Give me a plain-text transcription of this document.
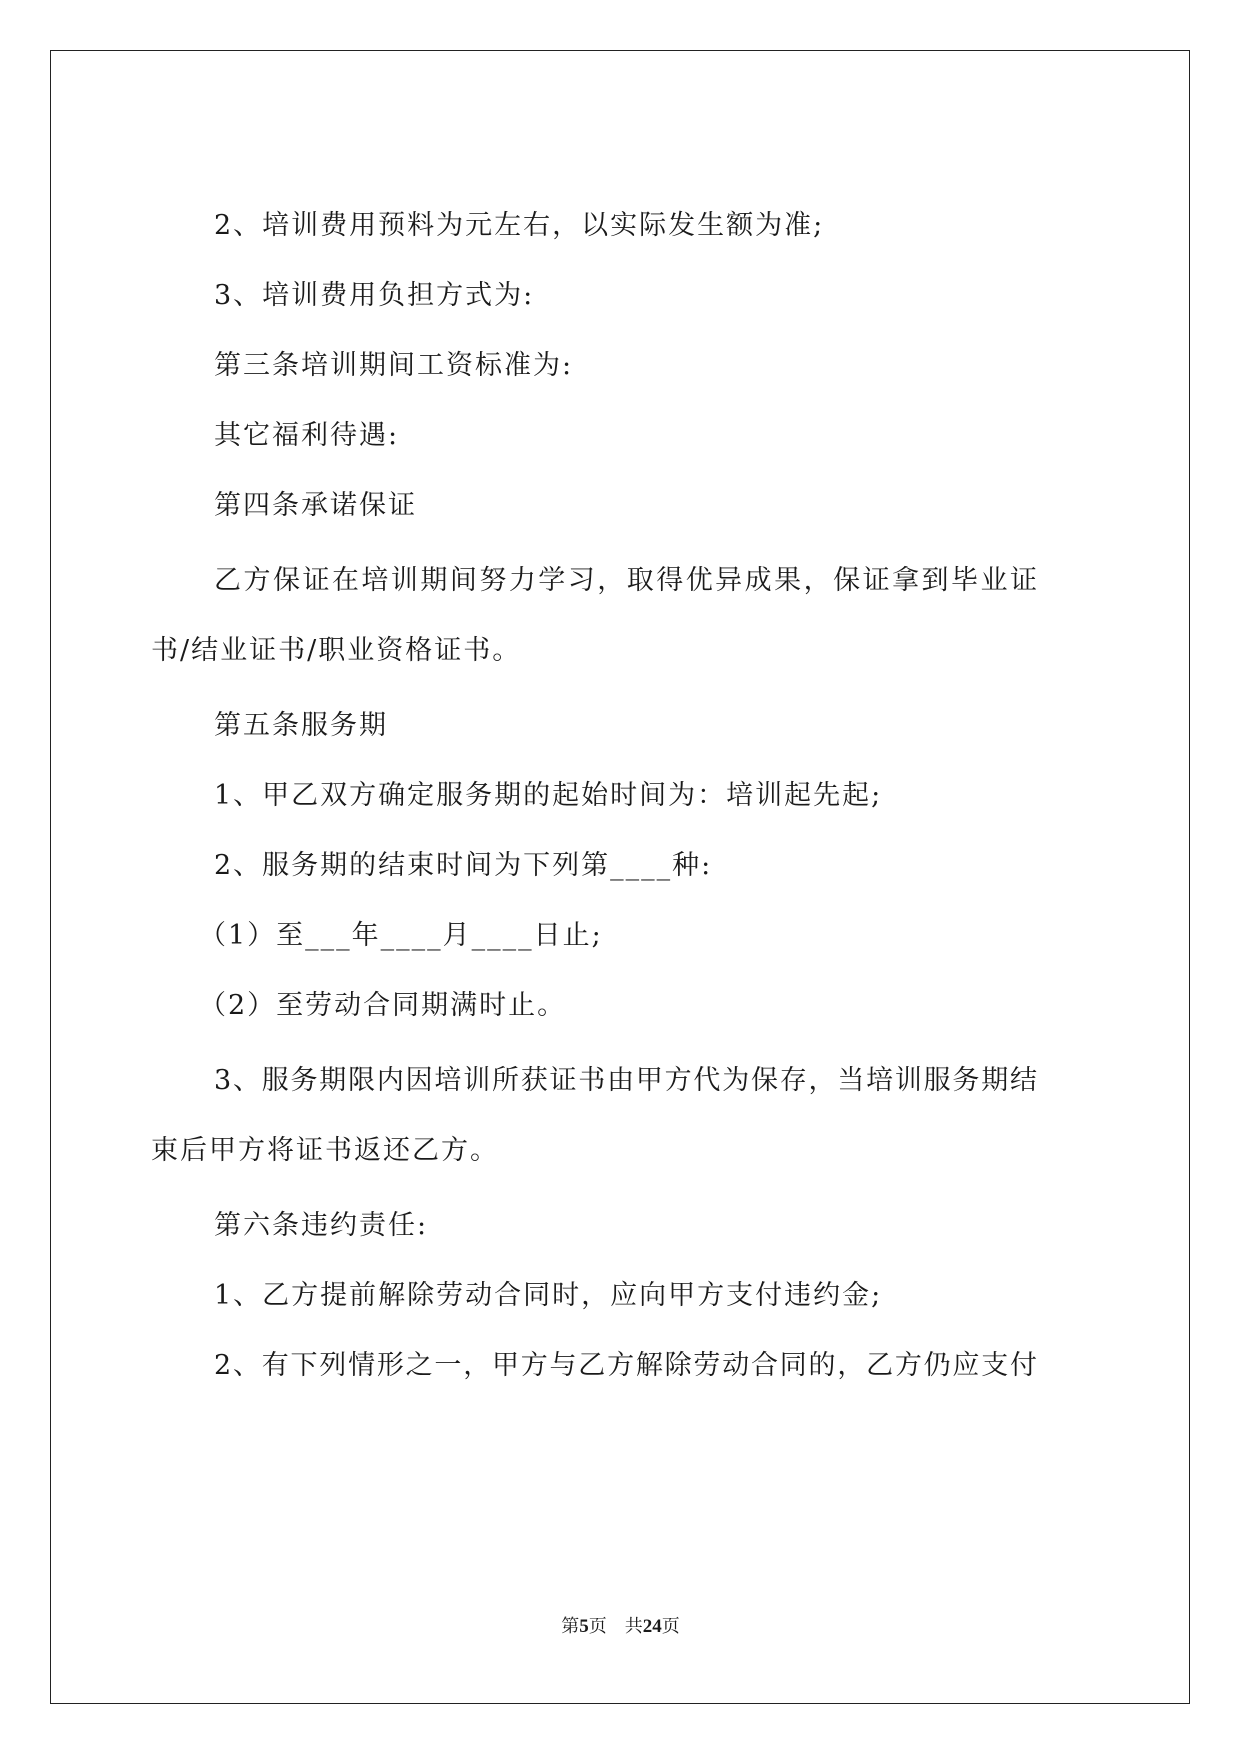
2、培训费用预料为元左右，以实际发生额为准;

3、培训费用负担方式为:

第三条培训期间工资标准为:

其它福利待遇:

第四条承诺保证

乙方保证在培训期间努力学习，取得优异成果，保证拿到毕业证

书/结业证书/职业资格证书。

第五条服务期

1、甲乙双方确定服务期的起始时间为：培训起先起;

2、服务期的结束时间为下列第____种:

（1）至___年____月____日止;

（2）至劳动合同期满时止。

3、服务期限内因培训所获证书由甲方代为保存，当培训服务期结

束后甲方将证书返还乙方。

第六条违约责任:

1、乙方提前解除劳动合同时，应向甲方支付违约金;

2、有下列情形之一，甲方与乙方解除劳动合同的，乙方仍应支付

第5页　共24页
